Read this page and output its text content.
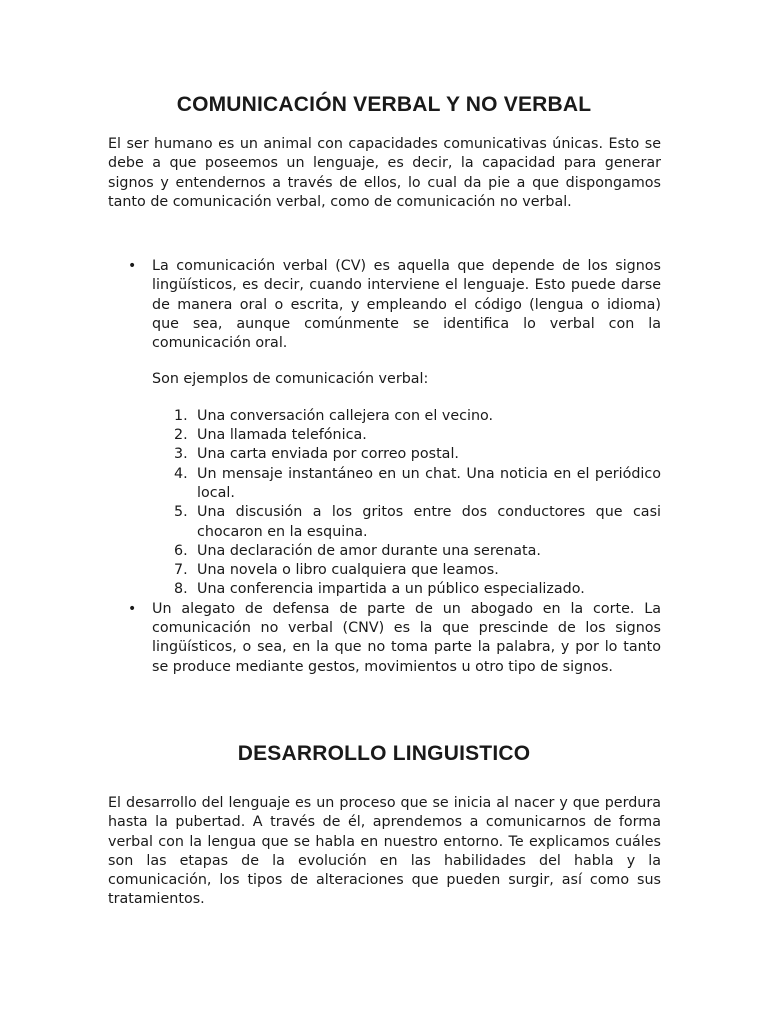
COMUNICACIÓN VERBAL Y NO VERBAL

El ser humano es un animal con capacidades comunicativas únicas. Esto se debe a que poseemos un lenguaje, es decir, la capacidad para generar signos y entendernos a través de ellos, lo cual da pie a que dispongamos tanto de comunicación verbal, como de comunicación no verbal.

• La comunicación verbal (CV) es aquella que depende de los signos lingüísticos, es decir, cuando interviene el lenguaje. Esto puede darse de manera oral o escrita, y empleando el código (lengua o idioma) que sea, aunque comúnmente se identifica lo verbal con la comunicación oral.

Son ejemplos de comunicación verbal:

1. Una conversación callejera con el vecino.
2. Una llamada telefónica.
3. Una carta enviada por correo postal.
4. Un mensaje instantáneo en un chat. Una noticia en el periódico local.
5. Una discusión a los gritos entre dos conductores que casi chocaron en la esquina.
6. Una declaración de amor durante una serenata.
7. Una novela o libro cualquiera que leamos.
8. Una conferencia impartida a un público especializado.

• Un alegato de defensa de parte de un abogado en la corte. La comunicación no verbal (CNV) es la que prescinde de los signos lingüísticos, o sea, en la que no toma parte la palabra, y por lo tanto se produce mediante gestos, movimientos u otro tipo de signos.

DESARROLLO LINGUISTICO

El desarrollo del lenguaje es un proceso que se inicia al nacer y que perdura hasta la pubertad. A través de él, aprendemos a comunicarnos de forma verbal con la lengua que se habla en nuestro entorno. Te explicamos cuáles son las etapas de la evolución en las habilidades del habla y la comunicación, los tipos de alteraciones que pueden surgir, así como sus tratamientos.
